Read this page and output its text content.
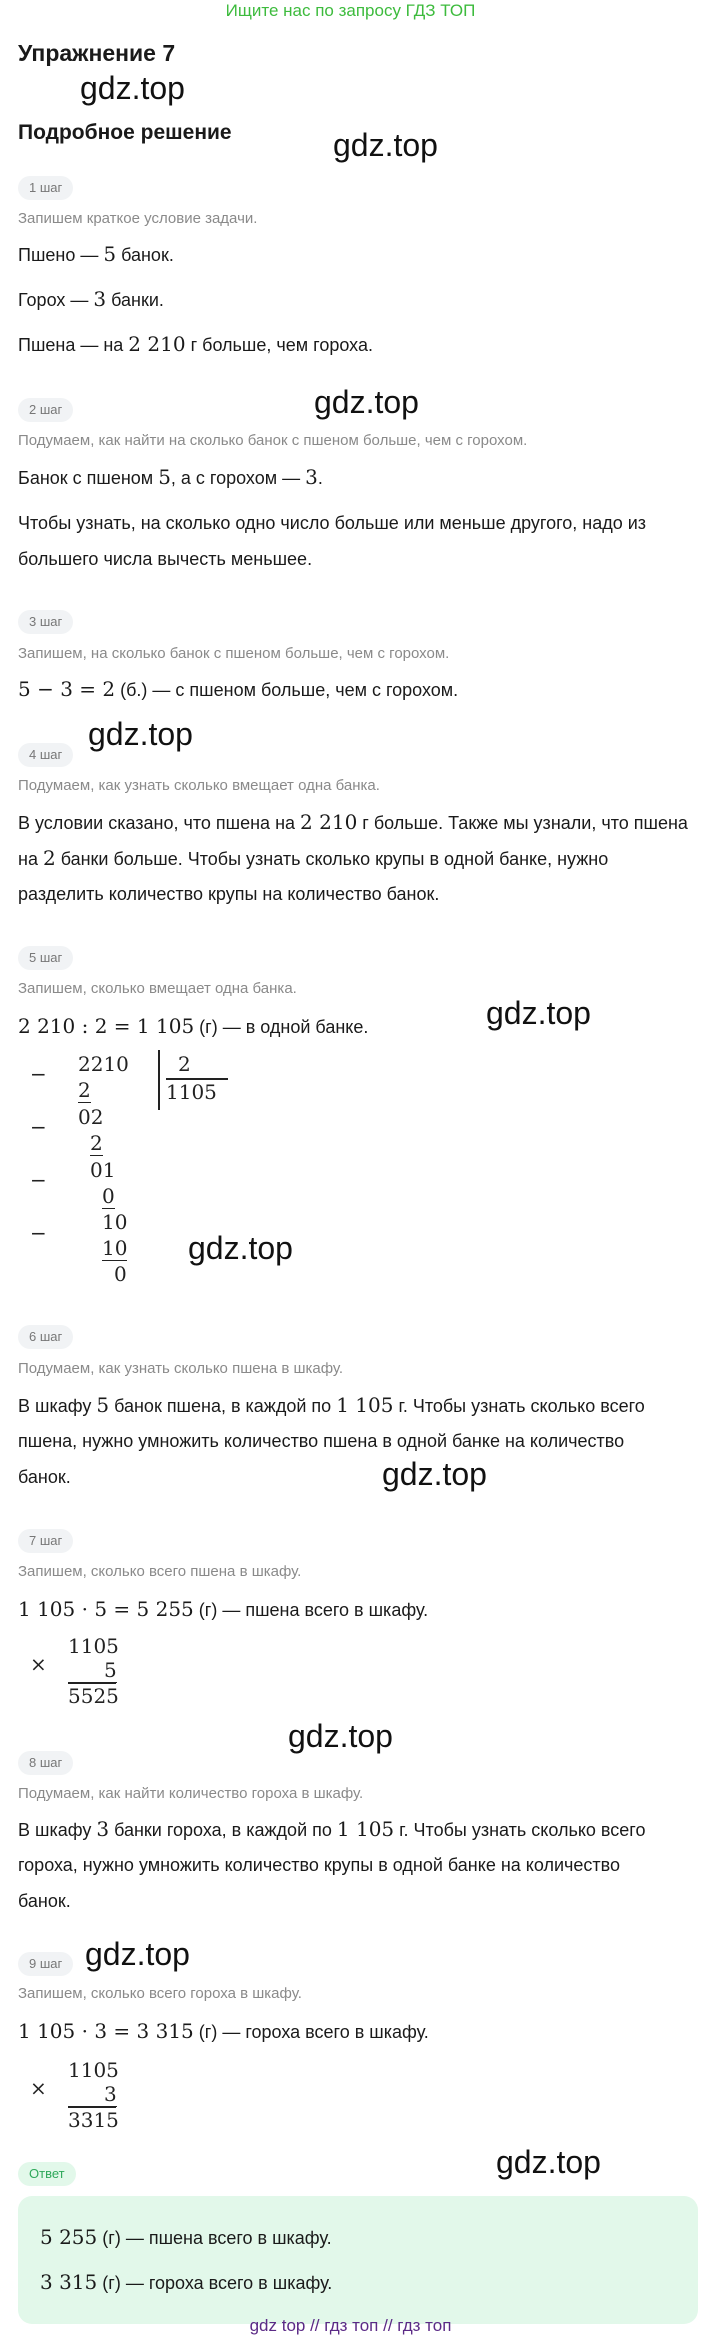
Ищите нас по запросу ГДЗ ТОП
Упражнение 7
gdz.top
Подробное решение	gdz.top
1 шаг
Запишем краткое условие задачи.
Пшено — 5 банок.
Горох — 3 банки.
Пшена — на 2 210 г больше, чем гороха.
2 шаг	gdz.top
Подумаем, как найти на сколько банок с пшеном больше, чем с горохом.
Банок с пшеном 5, а с горохом — 3.
Чтобы узнать, на сколько одно число больше или меньше другого, надо из
большего числа вычесть меньшее.
3 шаг
Запишем, на сколько банок с пшеном больше, чем с горохом.
5 − 3 = 2 (б.) — с пшеном больше, чем с горохом.
gdz.top
4 шаг
Подумаем, как узнать сколько вмещает одна банка.
В условии сказано, что пшена на 2 210 г больше. Также мы узнали, что пшена
на 2 банки больше. Чтобы узнать сколько крупы в одной банке, нужно
разделить количество крупы на количество банок.
5 шаг
Запишем, сколько вмещает одна банка.
2 210 : 2 = 1 105 (г) — в одной банке.	gdz.top
−
−
−
−
2210 2
1105
2
02
2
01
0
10
10
0
gdz.top
6 шаг
Подумаем, как узнать сколько пшена в шкафу.
В шкафу 5 банок пшена, в каждой по 1 105 г. Чтобы узнать сколько всего
пшена, нужно умножить количество пшена в одной банке на количество
банок.	gdz.top
7 шаг
Запишем, сколько всего пшена в шкафу.
1 105 · 5 = 5 255 (г) — пшена всего в шкафу.
×
1105
5
5525
gdz.top
8 шаг
Подумаем, как найти количество гороха в шкафу.
В шкафу 3 банки гороха, в каждой по 1 105 г. Чтобы узнать сколько всего
гороха, нужно умножить количество крупы в одной банке на количество
банок.
9 шаг gdz.top
Запишем, сколько всего гороха в шкафу.
1 105 · 3 = 3 315 (г) — гороха всего в шкафу.
×
1105
3
3315
Ответ	gdz.top
5 255 (г) — пшена всего в шкафу.
3 315 (г) — гороха всего в шкафу.
gdz top // гдз топ // гдз топ
